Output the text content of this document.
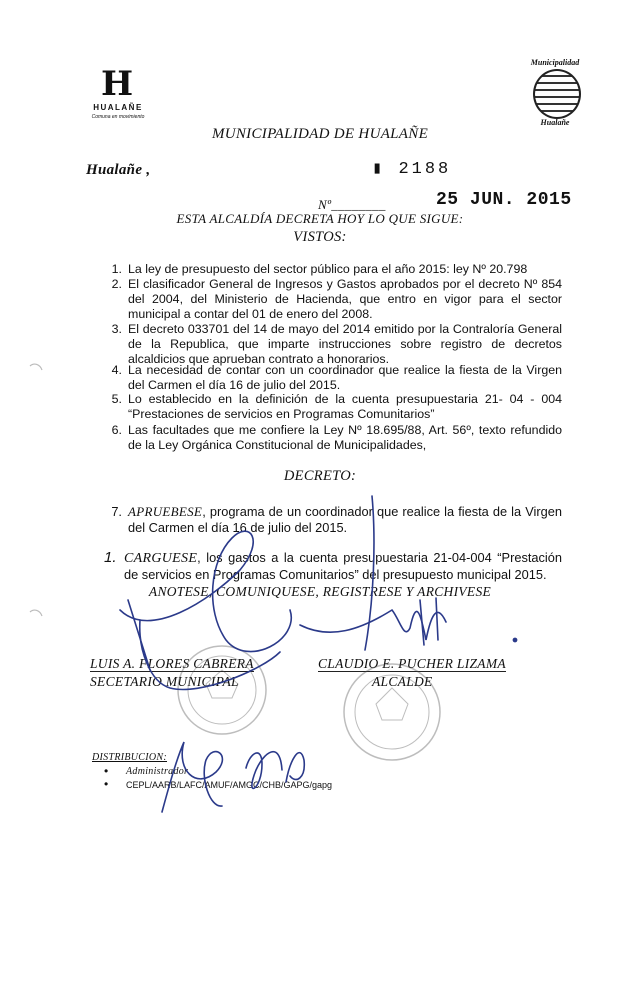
H
HUALAÑE
Comuna en movimiento
Municipalidad
Hualañe
MUNICIPALIDAD DE HUALAÑE
Hualañe ,	▮ 2188
Nº________	25 JUN. 2015
ESTA ALCALDÍA DECRETA HOY LO QUE SIGUE:
VISTOS:
1. La ley de presupuesto del sector público para el año 2015: ley Nº 20.798
2. El clasificador General de Ingresos y Gastos aprobados por el decreto Nº 854 del 2004, del Ministerio de Hacienda, que entro en vigor para el sector municipal a contar del 01 de enero del 2008.
3. El decreto 033701 del 14 de mayo del 2014 emitido por la Contraloría General de la Republica, que imparte instrucciones sobre registro de decretos alcaldicios que aprueban contrato a honorarios.
4. La necesidad de contar con un coordinador que realice la fiesta de la Virgen del Carmen el día 16 de julio del 2015.
5. Lo establecido en la definición de la cuenta presupuestaria 21- 04 - 004 “Prestaciones de servicios en Programas Comunitarios”
6. Las facultades que me confiere la Ley Nº 18.695/88, Art. 56º, texto refundido de la Ley Orgánica Constitucional de Municipalidades,
DECRETO:
7. APRUEBESE, programa de un coordinador que realice la fiesta de la Virgen del Carmen el día 16 de julio del 2015.
1. CARGUESE, los gastos a la cuenta presupuestaria 21-04-004 “Prestación de servicios en Programas Comunitarios” del presupuesto municipal 2015.
ANOTESE, COMUNIQUESE, REGISTRESE Y ARCHIVESE
LUIS A. FLORES CABRERA
SECETARIO MUNICIPAL
CLAUDIO E. PUCHER LIZAMA
ALCALDE
DISTRIBUCION:
• Administrador
• CEPL/AARB/LAFC/AMUF/AMGC/CHB/GAPG/gapg
